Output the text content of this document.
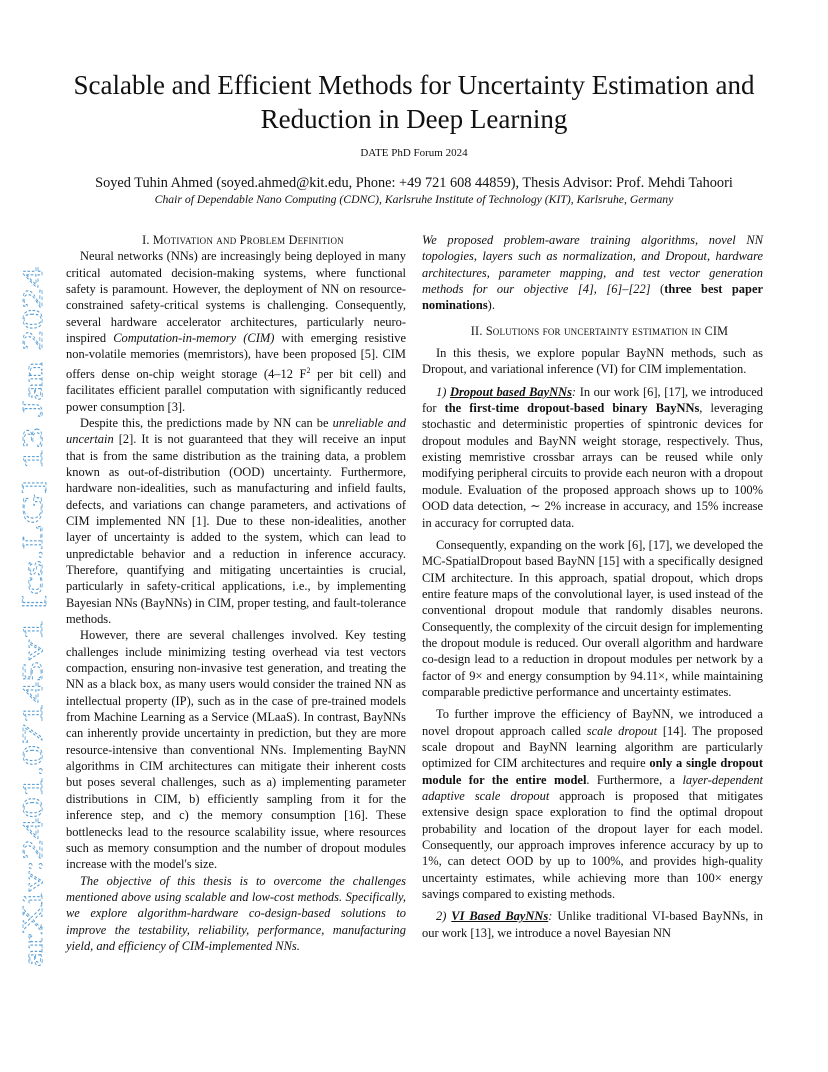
arXiv:2401.07145v1 [cs.LG] 13 Jan 2024
Scalable and Efficient Methods for Uncertainty Estimation and
Reduction in Deep Learning
DATE PhD Forum 2024
Soyed Tuhin Ahmed (soyed.ahmed@kit.edu, Phone: +49 721 608 44859), Thesis Advisor: Prof. Mehdi Tahoori
Chair of Dependable Nano Computing (CDNC), Karlsruhe Institute of Technology (KIT), Karlsruhe, Germany

I. Motivation and Problem Definition

Neural networks (NNs) are increasingly being deployed in many critical automated decision-making systems, where functional safety is paramount. However, the deployment of NN on resource-constrained safety-critical systems is challenging. Consequently, several hardware accelerator architectures, particularly neuro-inspired Computation-in-memory (CIM) with emerging resistive non-volatile memories (memristors), have been proposed [5]. CIM offers dense on-chip weight storage (4–12 $F^2$ per bit cell) and facilitates efficient parallel computation with significantly reduced power consumption [3].

Despite this, the predictions made by NN can be unreliable and uncertain [2]. It is not guaranteed that they will receive an input that is from the same distribution as the training data, a problem known as out-of-distribution (OOD) uncertainty. Furthermore, hardware non-idealities, such as manufacturing and infield faults, defects, and variations can change parameters, and activations of CIM implemented NN [1]. Due to these non-idealities, another layer of uncertainty is added to the system, which can lead to unpredictable behavior and a reduction in inference accuracy. Therefore, quantifying and mitigating uncertainties is crucial, particularly in safety-critical applications, i.e., by implementing Bayesian NNs (BayNNs) in CIM, proper testing, and fault-tolerance methods.

However, there are several challenges involved. Key testing challenges include minimizing testing overhead via test vectors compaction, ensuring non-invasive test generation, and treating the NN as a black box, as many users would consider the trained NN as intellectual property (IP), such as in the case of pre-trained models from Machine Learning as a Service (MLaaS). In contrast, BayNNs can inherently provide uncertainty in prediction, but they are more resource-intensive than conventional NNs. Implementing BayNN algorithms in CIM architectures can mitigate their inherent costs but poses several challenges, such as a) implementing parameter distributions in CIM, b) efficiently sampling from it for the inference step, and c) the memory consumption [16]. These bottlenecks lead to the resource scalability issue, where resources such as memory consumption and the number of dropout modules increase with the model's size.

The objective of this thesis is to overcome the challenges mentioned above using scalable and low-cost methods. Specifically, we explore algorithm-hardware co-design-based solutions to improve the testability, reliability, performance, manufacturing yield, and efficiency of CIM-implemented NNs.

We proposed problem-aware training algorithms, novel NN topologies, layers such as normalization, and Dropout, hardware architectures, parameter mapping, and test vector generation methods for our objective [4], [6]–[22] (three best paper nominations).

II. Solutions for uncertainty estimation in CIM

In this thesis, we explore popular BayNN methods, such as Dropout, and variational inference (VI) for CIM implementation.

1) Dropout based BayNNs: In our work [6], [17], we introduced for the first-time dropout-based binary BayNNs, leveraging stochastic and deterministic properties of spintronic devices for dropout modules and BayNN weight storage, respectively. Thus, existing memristive crossbar arrays can be reused while only modifying peripheral circuits to provide each neuron with a dropout module. Evaluation of the proposed approach shows up to 100% OOD data detection, ∼ 2% increase in accuracy, and 15% increase in accuracy for corrupted data.

Consequently, expanding on the work [6], [17], we developed the MC-SpatialDropout based BayNN [15] with a specifically designed CIM architecture. In this approach, spatial dropout, which drops entire feature maps of the convolutional layer, is used instead of the conventional dropout module that randomly disables neurons. Consequently, the complexity of the circuit design for implementing the dropout module is reduced. Our overall algorithm and hardware co-design lead to a reduction in dropout modules per network by a factor of 9× and energy consumption by 94.11×, while maintaining comparable predictive performance and uncertainty estimates.

To further improve the efficiency of BayNN, we introduced a novel dropout approach called scale dropout [14]. The proposed scale dropout and BayNN learning algorithm are particularly optimized for CIM architectures and require only a single dropout module for the entire model. Furthermore, a layer-dependent adaptive scale dropout approach is proposed that mitigates extensive design space exploration to find the optimal dropout probability and location of the dropout layer for each model. Consequently, our approach improves inference accuracy by up to 1%, can detect OOD by up to 100%, and provides high-quality uncertainty estimates, while achieving more than 100× energy savings compared to existing methods.

2) VI Based BayNNs: Unlike traditional VI-based BayNNs, in our work [13], we introduce a novel Bayesian NN
